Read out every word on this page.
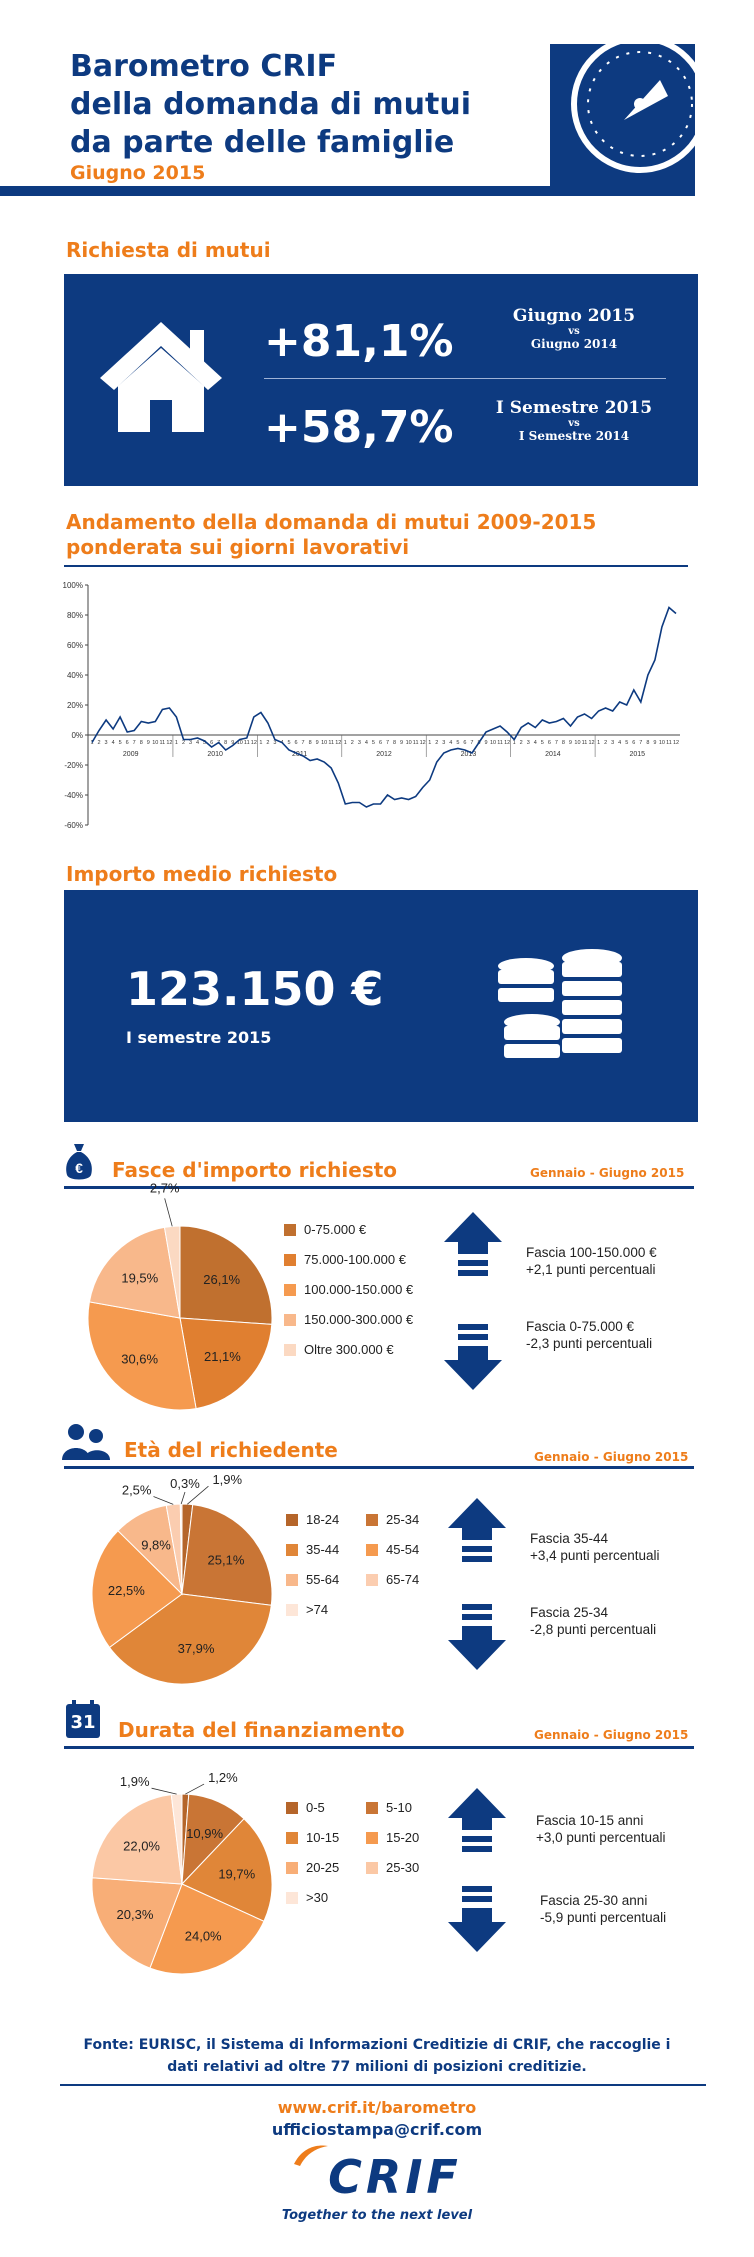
Barometro CRIF
della domanda di mutui
da parte delle famiglie
Giugno 2015
Richiesta di mutui
+81,1%
+58,7%
Giugno 2015
vs
Giugno 2014
I Semestre 2015
vs
I Semestre 2014
Andamento della domanda di mutui 2009-2015
ponderata sui giorni lavorativi
100%
80%
60%
40%
20%
0%
-20%
-40%
-60%
1 2 3 4 5 6 7 8 9 10 11 12 1 2 3 4 5 6 7 8 9 10 11 12 1 2 3 4 5 6 7 8 9 10 11 12 1 2 3 4 5 6 7 8 9 10 11 12 1 2 3 4 5 6 7 8 9 10 11 12 1 2 3 4 5 6 7 8 9 10 11 12 1 2 3 4 5 6 7 8 9 10 11 12
2009	2010	2011	2012	2013	2014	2015
Importo medio richiesto
123.150 €
I semestre 2015
€ Fasce d'importo richiesto	Gennaio - Giugno 2015
26,1%
21,1%
30,6%
19,5%
2,7%
0-75.000 €
75.000-100.000 €
100.000-150.000 €
150.000-300.000 €
Oltre 300.000 €
Fascia 100-150.000 €
+2,1 punti percentuali
Fascia 0-75.000 €
-2,3 punti percentuali
Età del richiedente	Gennaio - Giugno 2015
1,9%
25,1%
37,9%
22,5%
9,8%
2,5% 0,3%
18-24	25-34
35-44	45-54
55-64	65-74
>74
Fascia 35-44
+3,4 punti percentuali
Fascia 25-34
-2,8 punti percentuali
31 Durata del finanziamento	Gennaio - Giugno 2015
1,2%
10,9%
19,7%
24,0%
20,3%
22,0%
1,9%
0-5	5-10
10-15	15-20
20-25	25-30
>30
Fascia 10-15 anni
+3,0 punti percentuali
Fascia 25-30 anni
-5,9 punti percentuali
Fonte: EURISC, il Sistema di Informazioni Creditizie di CRIF, che raccoglie i
dati relativi ad oltre 77 milioni di posizioni creditizie.
www.crif.it/barometro
ufficiostampa@crif.com
CRIF
Together to the next level
